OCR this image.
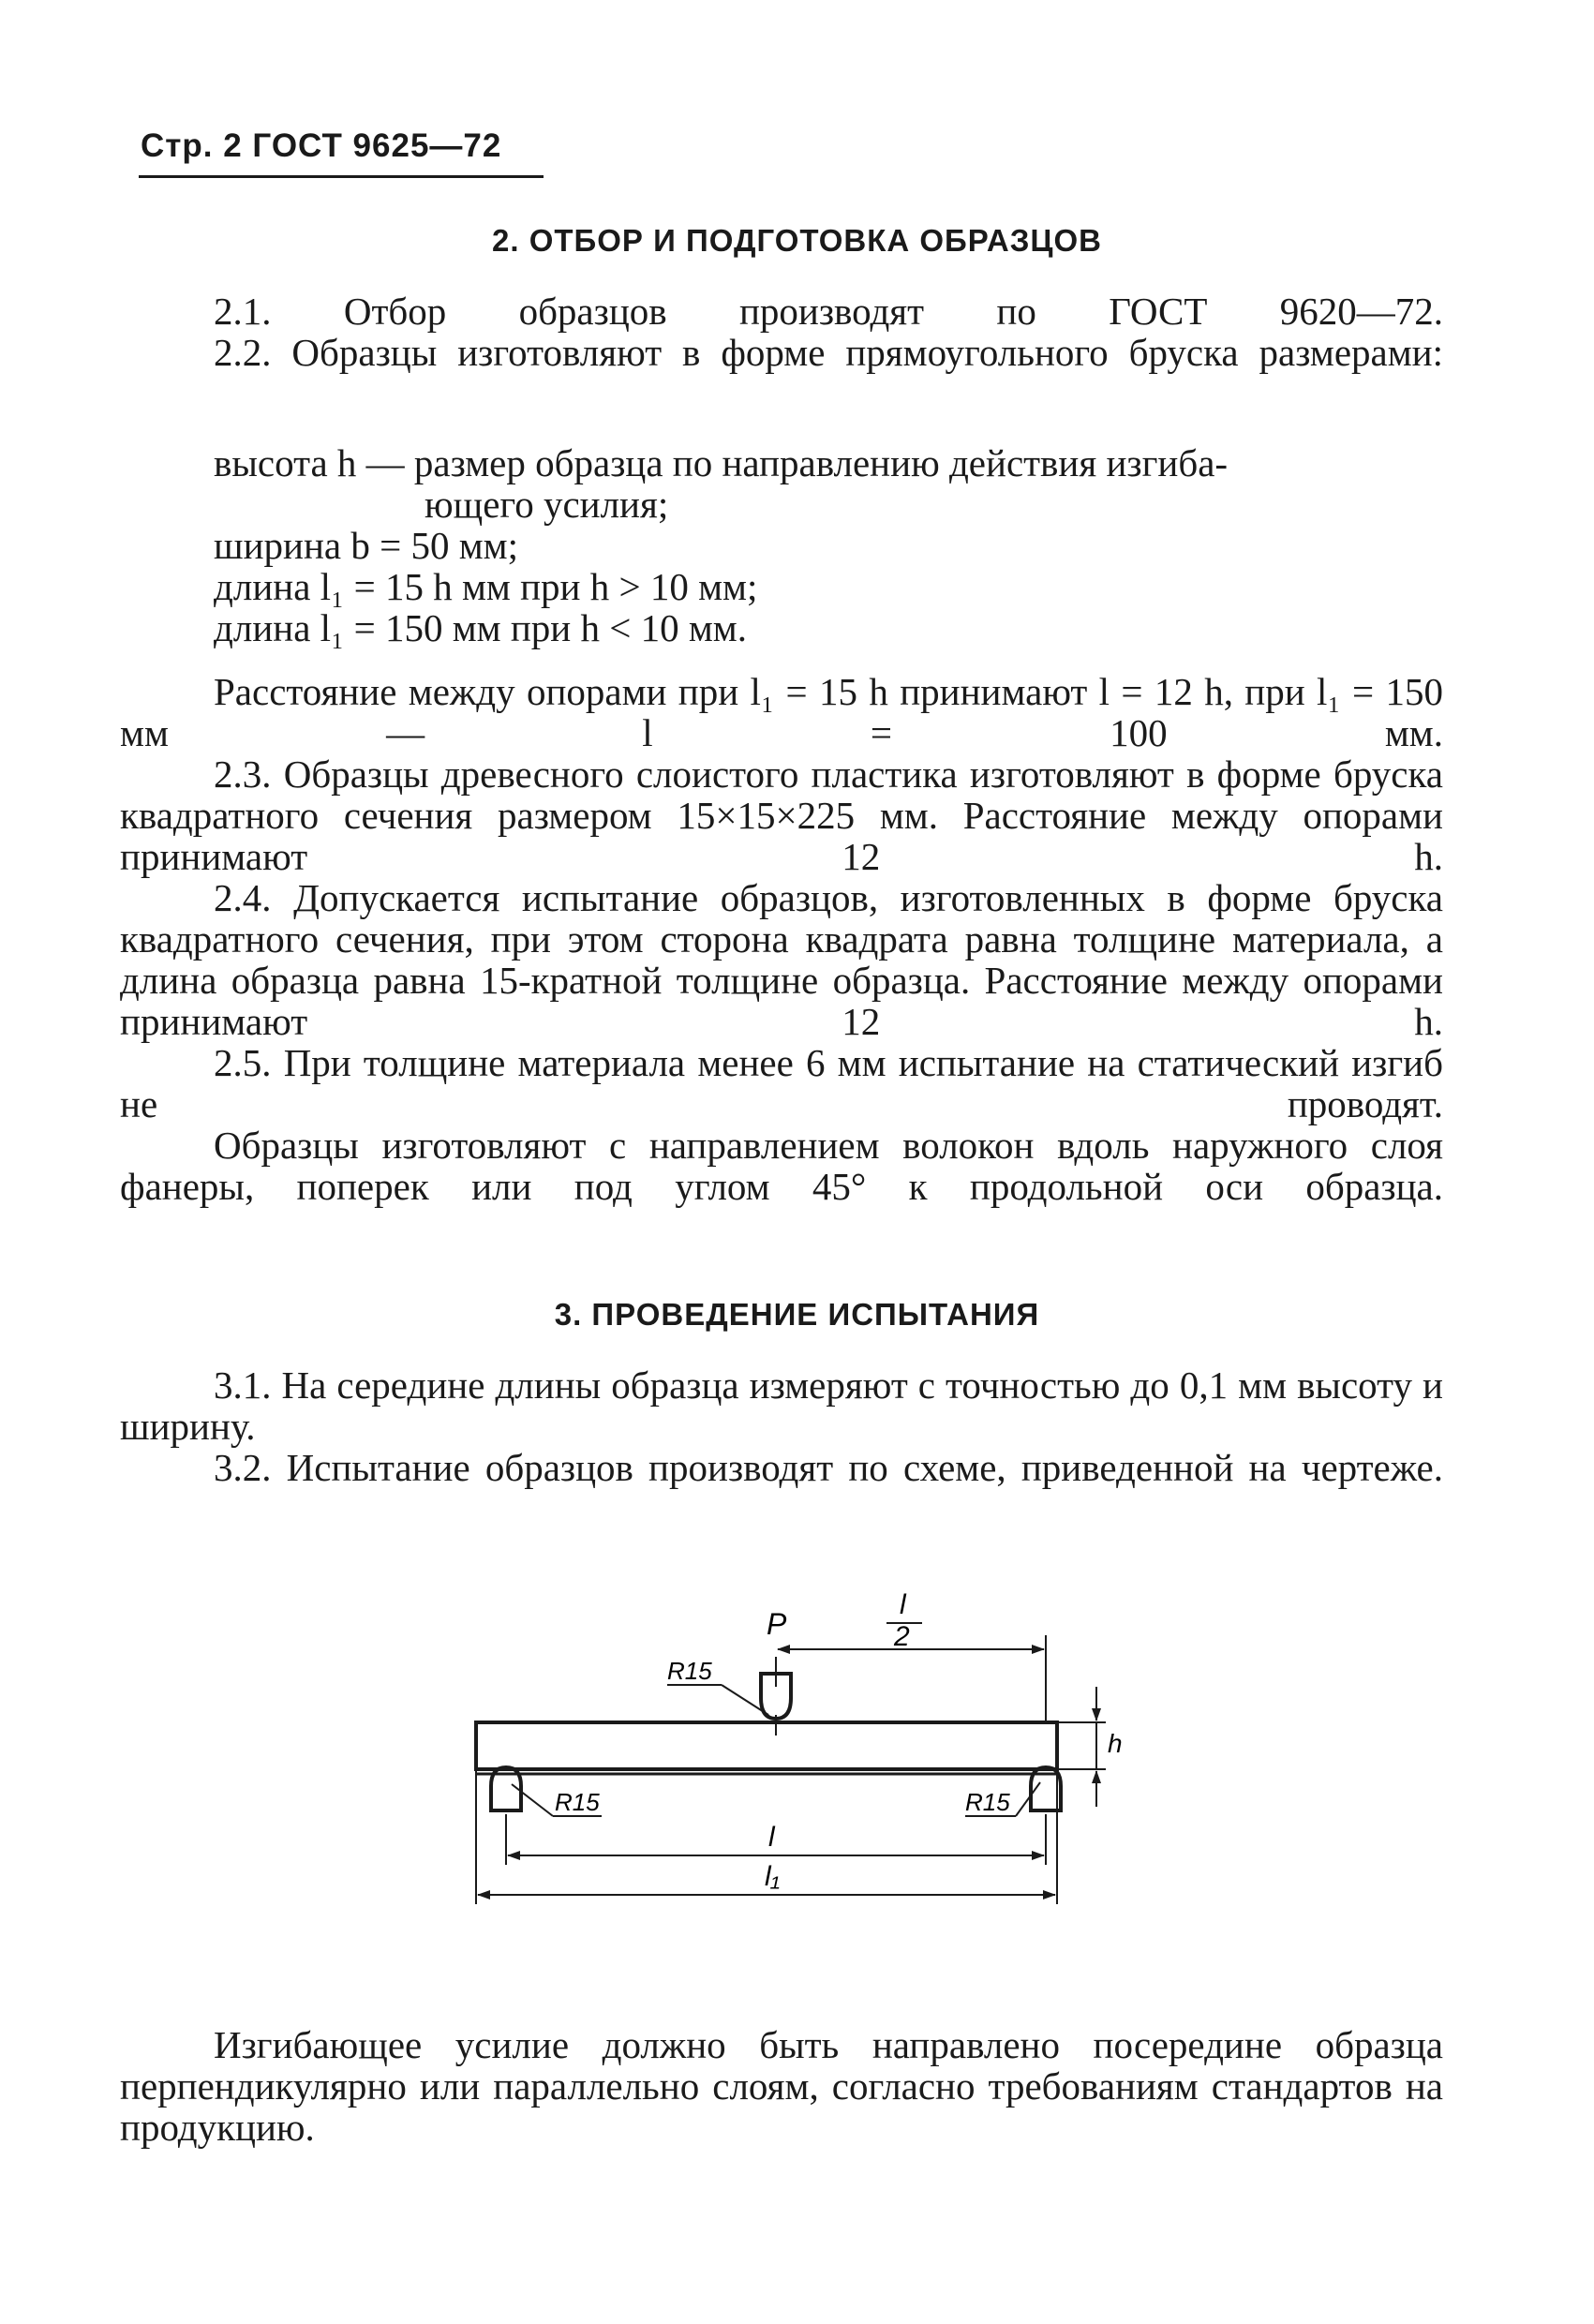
Стр. 2 ГОСТ 9625—72
2. ОТБОР И ПОДГОТОВКА ОБРАЗЦОВ

2.1. Отбор образцов производят по ГОСТ 9620—72.

2.2. Образцы изготовляют в форме прямоугольного бруска размерами:

высота h — размер образца по направлению действия изгиба-
ющего усилия;
ширина b = 50 мм;
длина l₁ = 15 h мм при h > 10 мм;
длина l₁ = 150 мм при h < 10 мм.

Расстояние между опорами при l₁ = 15 h принимают l = 12 h, при l₁ = 150 мм — l = 100 мм.

2.3. Образцы древесного слоистого пластика изготовляют в форме бруска квадратного сечения размером 15×15×225 мм. Расстояние между опорами принимают 12 h.

2.4. Допускается испытание образцов, изготовленных в форме бруска квадратного сечения, при этом сторона квадрата равна толщине материала, а длина образца равна 15-кратной толщине образца. Расстояние между опорами принимают 12 h.

2.5. При толщине материала менее 6 мм испытание на статический изгиб не проводят.

Образцы изготовляют с направлением волокон вдоль наружного слоя фанеры, поперек или под углом 45° к продольной оси образца.

3. ПРОВЕДЕНИЕ ИСПЫТАНИЯ

3.1. На середине длины образца измеряют с точностью до 0,1 мм высоту и ширину.

3.2. Испытание образцов производят по схеме, приведенной на чертеже.

P
l
2
R15
R15	R15
h
l
l₁

Изгибающее усилие должно быть направлено посередине образца перпендикулярно или параллельно слоям, согласно требованиям стандартов на продукцию.
